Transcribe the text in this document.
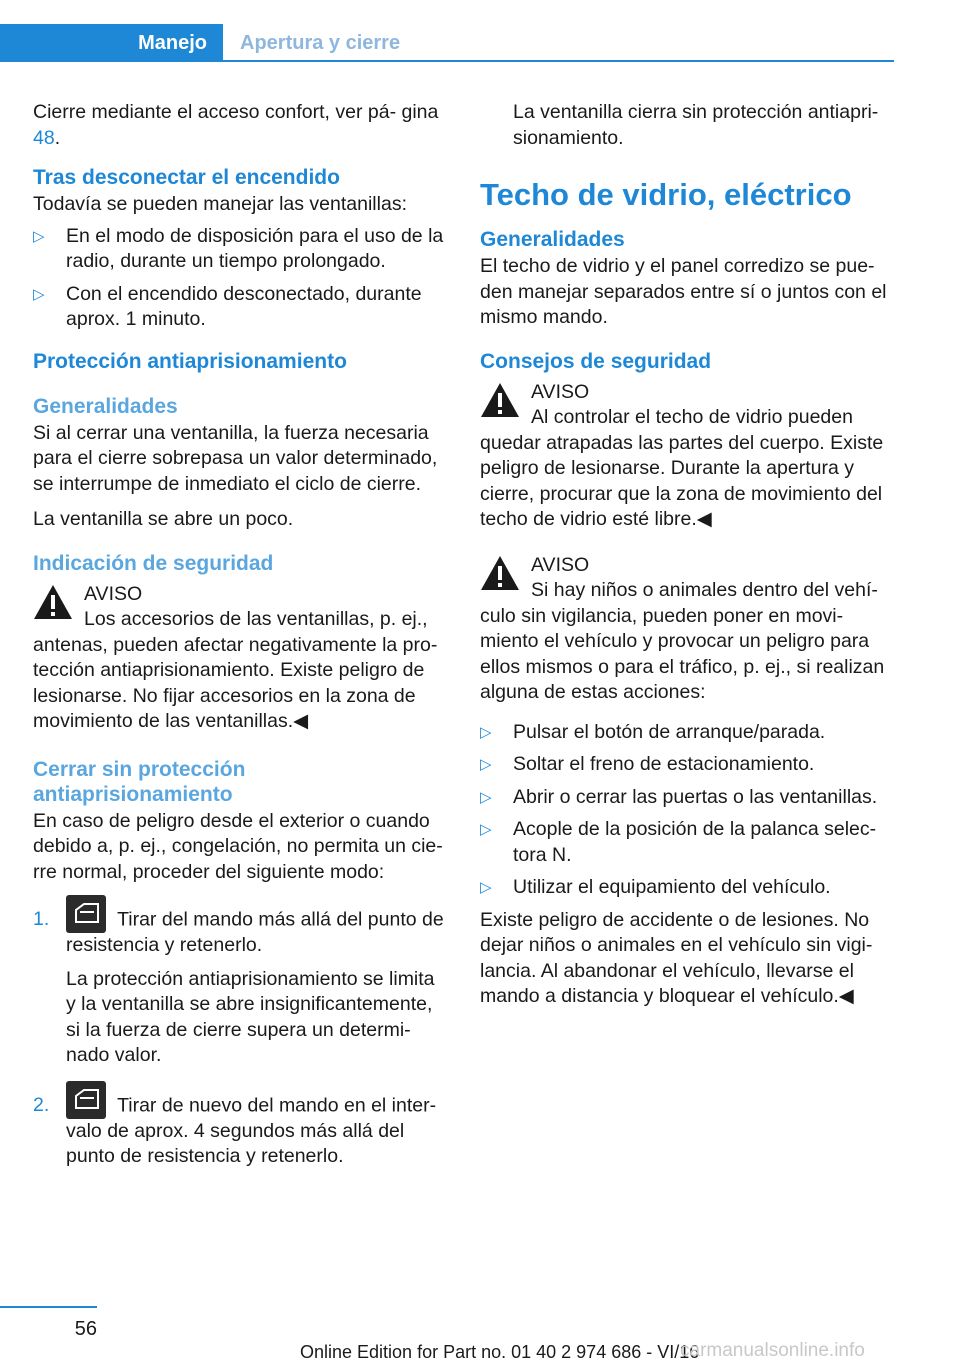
Manejo	Apertura y cierre

Cierre mediante el acceso confort, ver pá‐ gina 48.

Tras desconectar el encendido

Todavía se pueden manejar las ventanillas:

▷ En el modo de disposición para el uso de la radio, durante un tiempo prolongado.
▷ Con el encendido desconectado, durante aprox. 1 minuto.
Protección antiaprisionamiento
Generalidades

Si al cerrar una ventanilla, la fuerza necesaria para el cierre sobrepasa un valor determinado, se interrumpe de inmediato el ciclo de cierre.

La ventanilla se abre un poco.

Indicación de seguridad
AVISO
Los accesorios de las ventanillas, p. ej., antenas, pueden afectar negativamente la pro‐ tección antiaprisionamiento. Existe peligro de lesionarse. No fijar accesorios en la zona de movimiento de las ventanillas.◀
Cerrar sin protección antiaprisionamiento

En caso de peligro desde el exterior o cuando debido a, p. ej., congelación, no permita un cie‐ rre normal, proceder del siguiente modo:

1.	Tirar del mando más allá del punto de resistencia y retenerlo.

La protección antiaprisionamiento se limita y la ventanilla se abre insignificantemente, si la fuerza de cierre supera un determi‐ nado valor.

2.	Tirar de nuevo del mando en el inter‐ valo de aprox. 4 segundos más allá del punto de resistencia y retenerlo.

La ventanilla cierra sin protección antiapri‐ sionamiento.

Techo de vidrio, eléctrico
Generalidades

El techo de vidrio y el panel corredizo se pue‐ den manejar separados entre sí o juntos con el mismo mando.

Consejos de seguridad
AVISO
Al controlar el techo de vidrio pueden quedar atrapadas las partes del cuerpo. Existe peligro de lesionarse. Durante la apertura y cierre, procurar que la zona de movimiento del techo de vidrio esté libre.◀
AVISO
Si hay niños o animales dentro del vehí‐ culo sin vigilancia, pueden poner en movi‐ miento el vehículo y provocar un peligro para ellos mismos o para el tráfico, p. ej., si realizan alguna de estas acciones:
▷ Pulsar el botón de arranque/parada.
▷ Soltar el freno de estacionamiento.
▷ Abrir o cerrar las puertas o las ventanillas.
▷ Acople de la posición de la palanca selec‐ tora N.
▷ Utilizar el equipamiento del vehículo.

Existe peligro de accidente o de lesiones. No dejar niños o animales en el vehículo sin vigi‐ lancia. Al abandonar el vehículo, llevarse el mando a distancia y bloquear el vehículo.◀

56
Online Edition for Part no. 01 40 2 974 686 - VI/16
carmanualsonline.info
